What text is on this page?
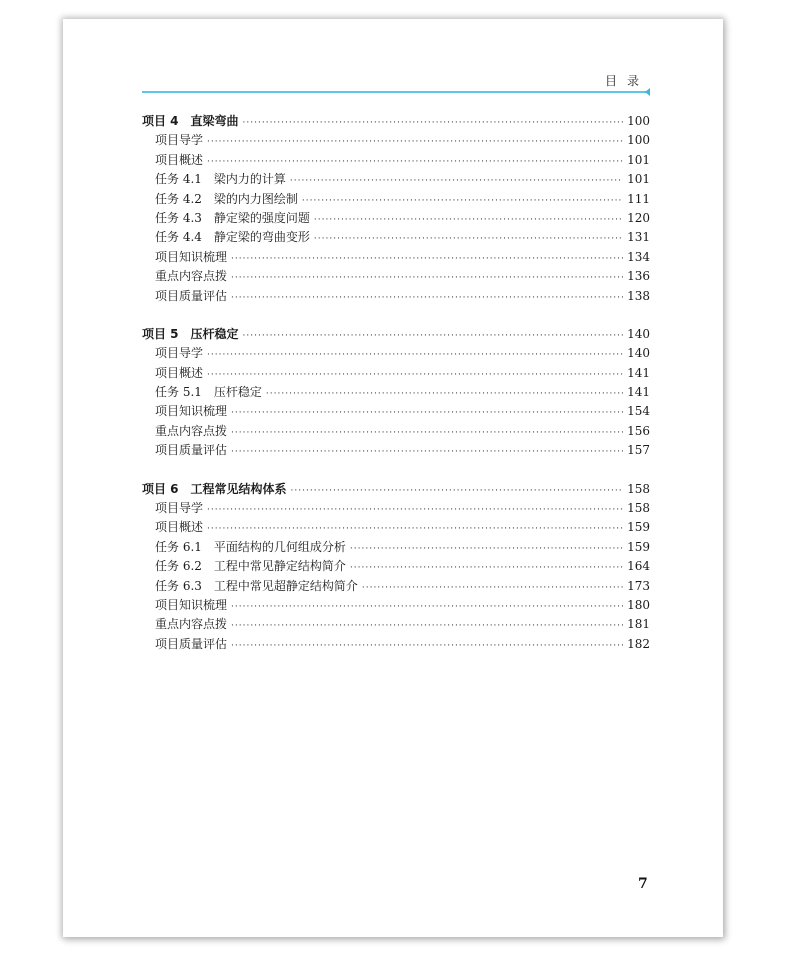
目录
项目 4 直梁弯曲 ·····	100
项目导学 ·····	100
项目概述 ·····	101
任务 4.1 梁内力的计算 ·····	101
任务 4.2 梁的内力图绘制 ·····	111
任务 4.3 静定梁的强度问题 ·····	120
任务 4.4 静定梁的弯曲变形 ·····	131
项目知识梳理 ·····	134
重点内容点拨 ·····	136
项目质量评估 ·····	138
项目 5 压杆稳定 ·····	140
项目导学 ·····	140
项目概述 ·····	141
任务 5.1 压杆稳定 ·····	141
项目知识梳理 ·····	154
重点内容点拨 ·····	156
项目质量评估 ·····	157
项目 6 工程常见结构体系 ·····	158
项目导学 ·····	158
项目概述 ·····	159
任务 6.1 平面结构的几何组成分析 ·····	159
任务 6.2 工程中常见静定结构简介 ·····	164
任务 6.3 工程中常见超静定结构简介 ·····	173
项目知识梳理 ·····	180
重点内容点拨 ·····	181
项目质量评估 ·····	182
7
